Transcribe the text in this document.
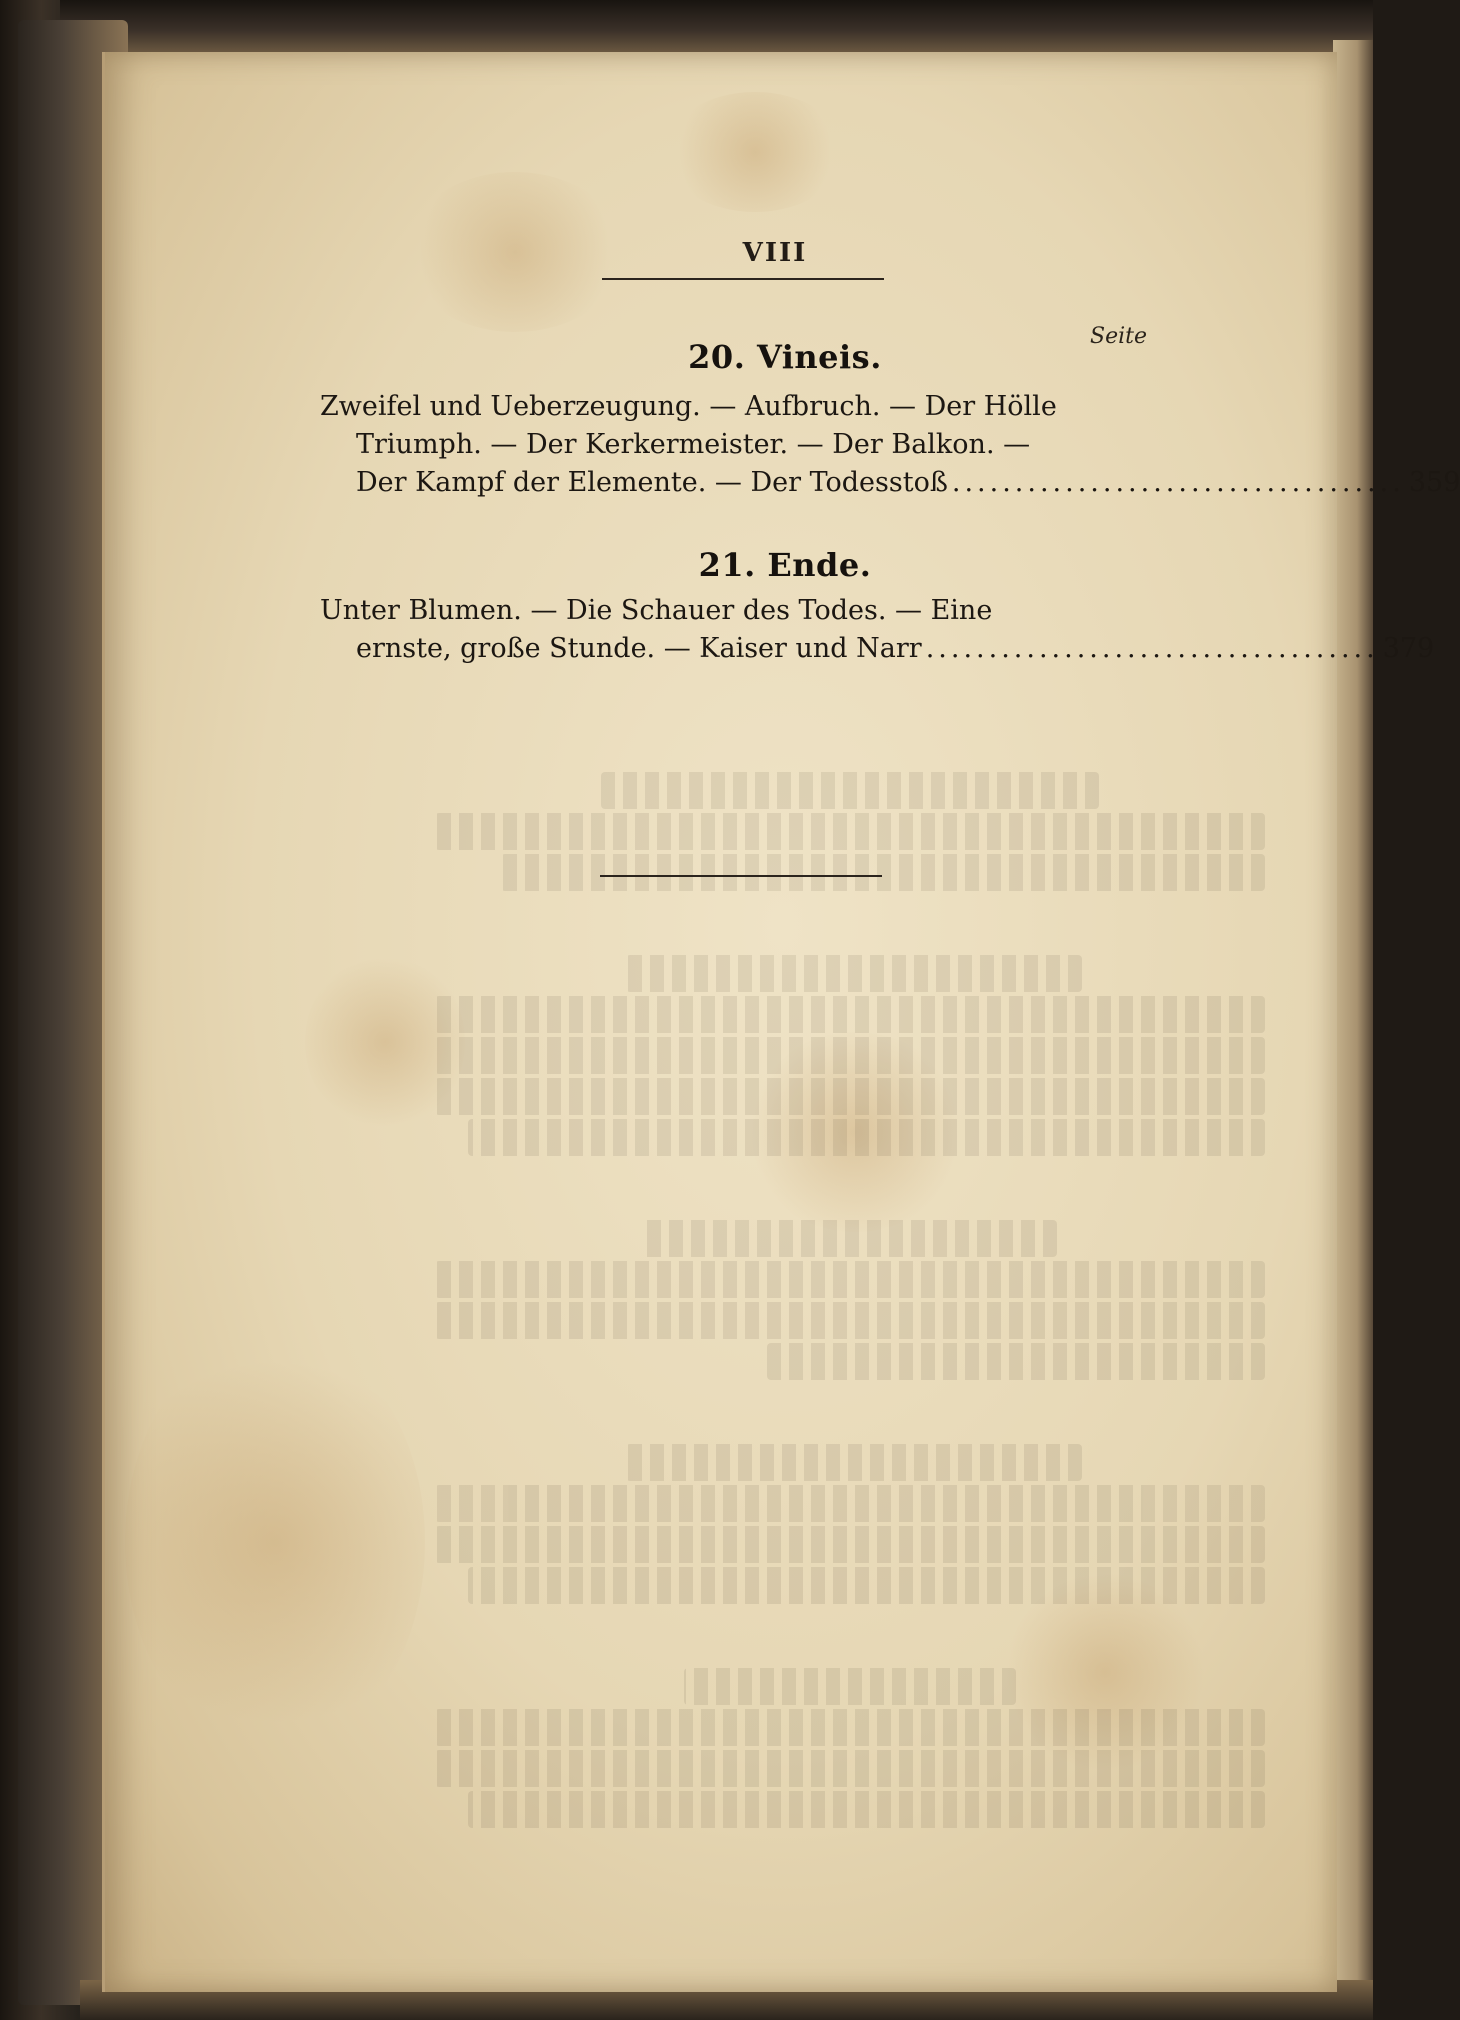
VIII
Seite
20. Vineis.
Zweifel und Ueberzeugung. — Aufbruch. — Der Hölle
Triumph. — Der Kerkermeister. — Der Balkon. —
Der Kampf der Elemente. — Der Todesstoß .................................... 359
21. Ende.
Unter Blumen. — Die Schauer des Todes. — Eine
ernste, große Stunde. — Kaiser und Narr .................................... 379
